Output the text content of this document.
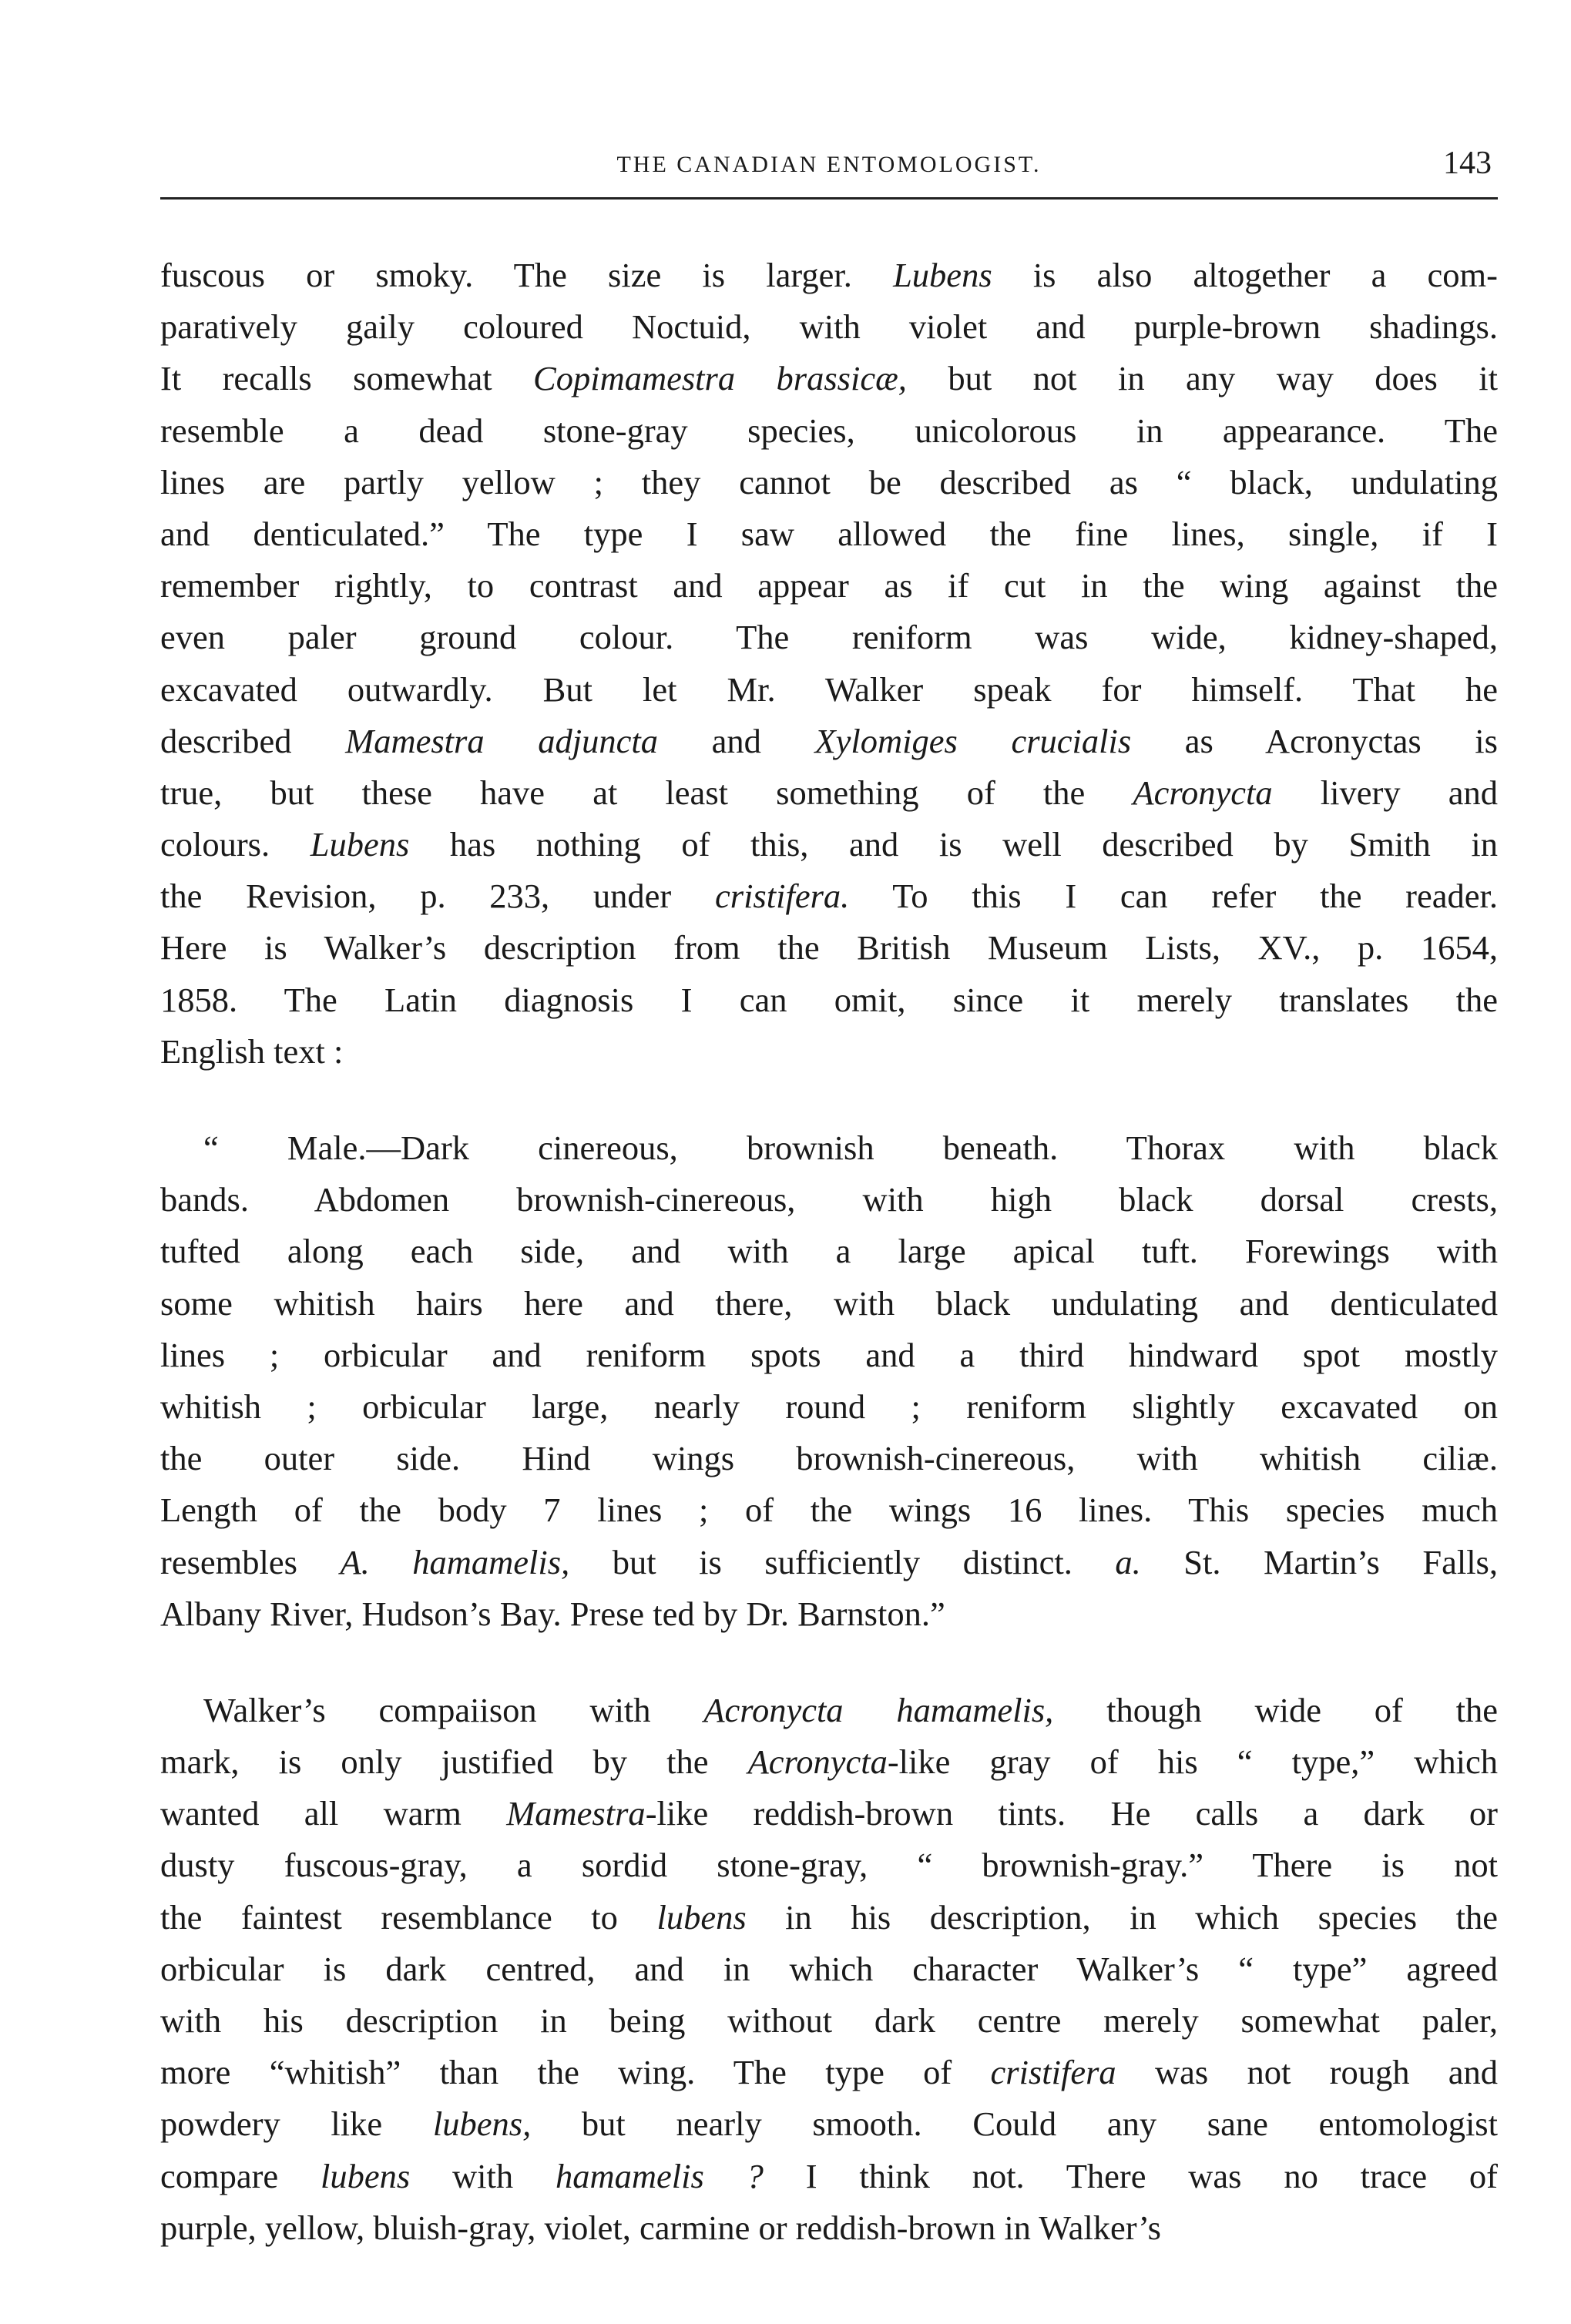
THE CANADIAN ENTOMOLOGIST.	143
fuscous or smoky. The size is larger. Lubens is also altogether a com-
paratively gaily coloured Noctuid, with violet and purple-brown shadings.
It recalls somewhat Copimamestra brassicæ, but not in any way does it
resemble a dead stone-gray species, unicolorous in appearance. The
lines are partly yellow ; they cannot be described as “ black, undulating
and denticulated.” The type I saw allowed the fine lines, single, if I
remember rightly, to contrast and appear as if cut in the wing against the
even paler ground colour. The reniform was wide, kidney-shaped,
excavated outwardly. But let Mr. Walker speak for himself. That he
described Mamestra adjuncta and Xylomiges crucialis as Acronyctas is
true, but these have at least something of the Acronycta livery and
colours. Lubens has nothing of this, and is well described by Smith in
the Revision, p. 233, under cristifera. To this I can refer the reader.
Here is Walker’s description from the British Museum Lists, XV., p. 1654,
1858. The Latin diagnosis I can omit, since it merely translates the
English text :
“ Male.—Dark cinereous, brownish beneath. Thorax with black
bands. Abdomen brownish-cinereous, with high black dorsal crests,
tufted along each side, and with a large apical tuft. Forewings with
some whitish hairs here and there, with black undulating and denticulated
lines ; orbicular and reniform spots and a third hindward spot mostly
whitish ; orbicular large, nearly round ; reniform slightly excavated on
the outer side. Hind wings brownish-cinereous, with whitish ciliæ.
Length of the body 7 lines ; of the wings 16 lines. This species much
resembles A. hamamelis, but is sufficiently distinct. a. St. Martin’s Falls,
Albany River, Hudson’s Bay. Prese ted by Dr. Barnston.”
Walker’s compaiison with Acronycta hamamelis, though wide of the
mark, is only justified by the Acronycta-like gray of his “ type,” which
wanted all warm Mamestra-like reddish-brown tints. He calls a dark or
dusty fuscous-gray, a sordid stone-gray, “ brownish-gray.” There is not
the faintest resemblance to lubens in his description, in which species the
orbicular is dark centred, and in which character Walker’s “ type” agreed
with his description in being without dark centre merely somewhat paler,
more “whitish” than the wing. The type of cristifera was not rough and
powdery like lubens, but nearly smooth. Could any sane entomologist
compare lubens with hamamelis ? I think not. There was no trace of
purple, yellow, bluish-gray, violet, carmine or reddish-brown in Walker’s
